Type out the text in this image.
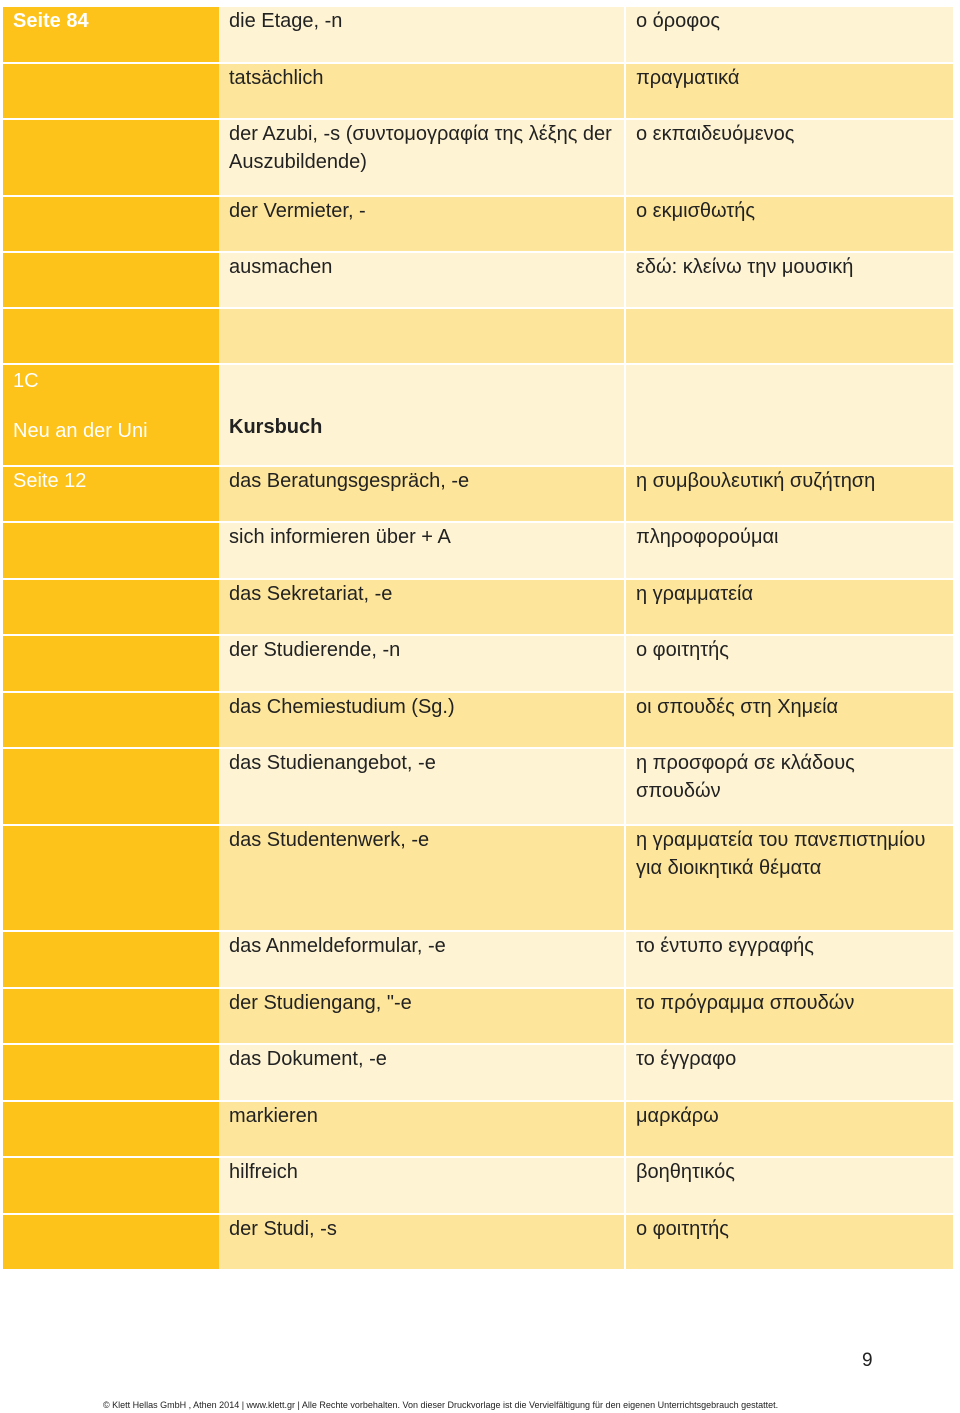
Seite 84	die Etage, -n	ο όροφος

	tatsächlich	πραγματικά

	der Azubi, -s (συντομογραφία της λέξης der Auszubildende)	ο εκπαιδευόμενος

	der Vermieter, -	ο εκμισθωτής

	ausmachen	εδώ: κλείνω την μουσική

1C
Neu an der Uni	Kursbuch	

Seite 12	das Beratungsgespräch, -e	η συμβουλευτική συζήτηση

	sich informieren über + A	πληροφορούμαι

	das Sekretariat, -e	η γραμματεία

	der Studierende, -n	ο φοιτητής

	das Chemiestudium (Sg.)	οι σπουδές στη Χημεία

	das Studienangebot, -e	η προσφορά σε κλάδους σπουδών

	das Studentenwerk, -e	η γραμματεία του πανεπιστημίου για διοικητικά θέματα

	das Anmeldeformular, -e	το έντυπο εγγραφής

	der Studiengang, "-e	το πρόγραμμα σπουδών

	das Dokument, -e	το έγγραφο

	markieren	μαρκάρω

	hilfreich	βοηθητικός

	der Studi, -s	ο φοιτητής
9
© Klett Hellas GmbH , Athen 2014 | www.klett.gr | Alle Rechte vorbehalten. Von dieser Druckvorlage ist die Vervielfältigung für den eigenen Unterrichtsgebrauch gestattet.
